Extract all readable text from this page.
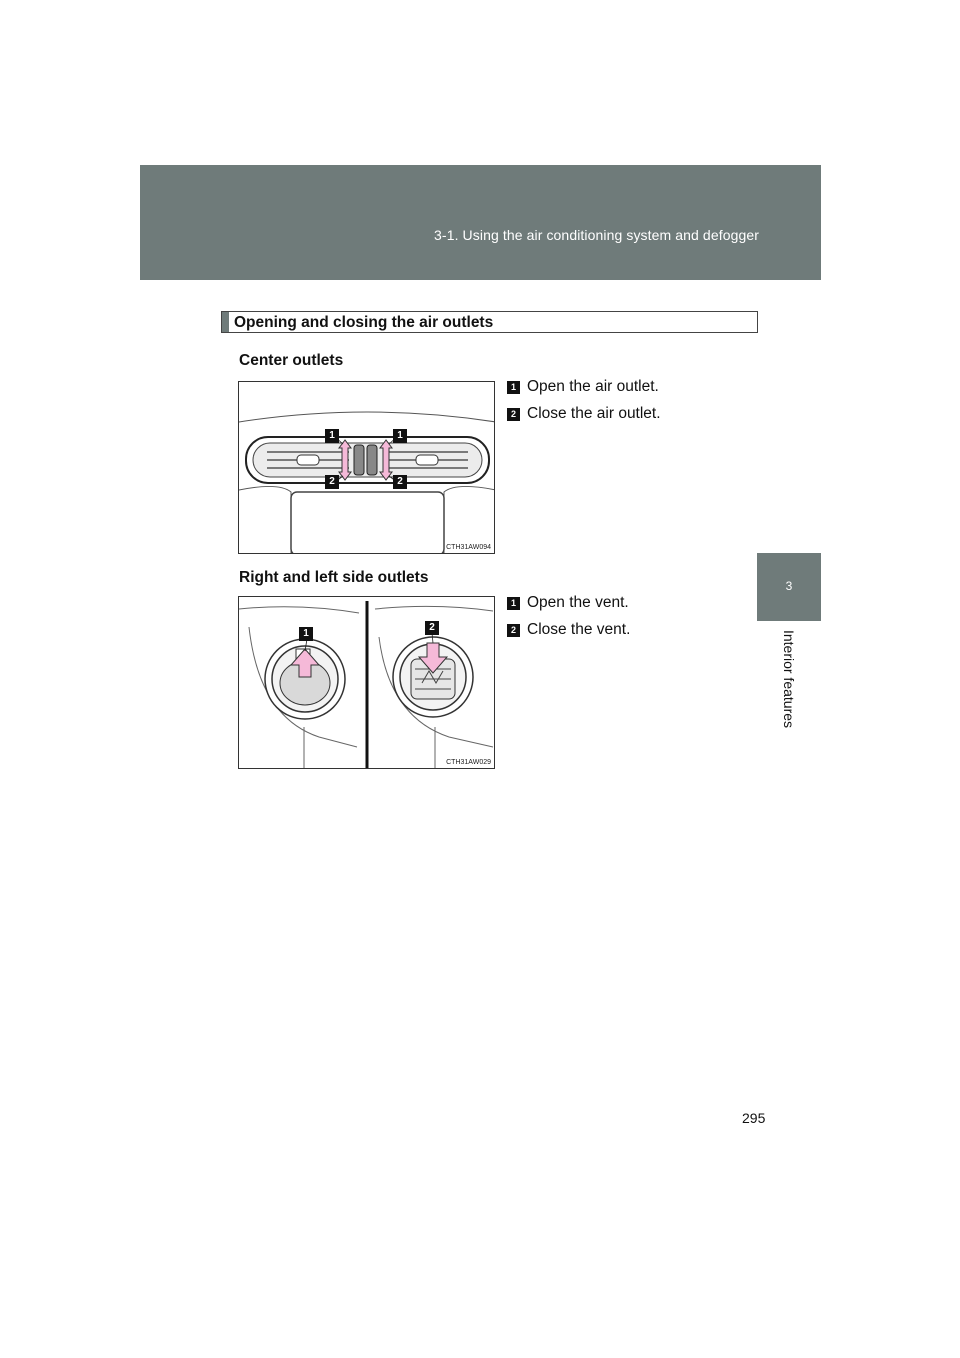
3-1. Using the air conditioning system and defogger
3
Interior features
Opening and closing the air outlets
Center outlets
1	1
2	2
CTH31AW094
1 Open the air outlet.
2 Close the air outlet.
Right and left side outlets
1
2
CTH31AW029
1 Open the vent.
2 Close the vent.
295
